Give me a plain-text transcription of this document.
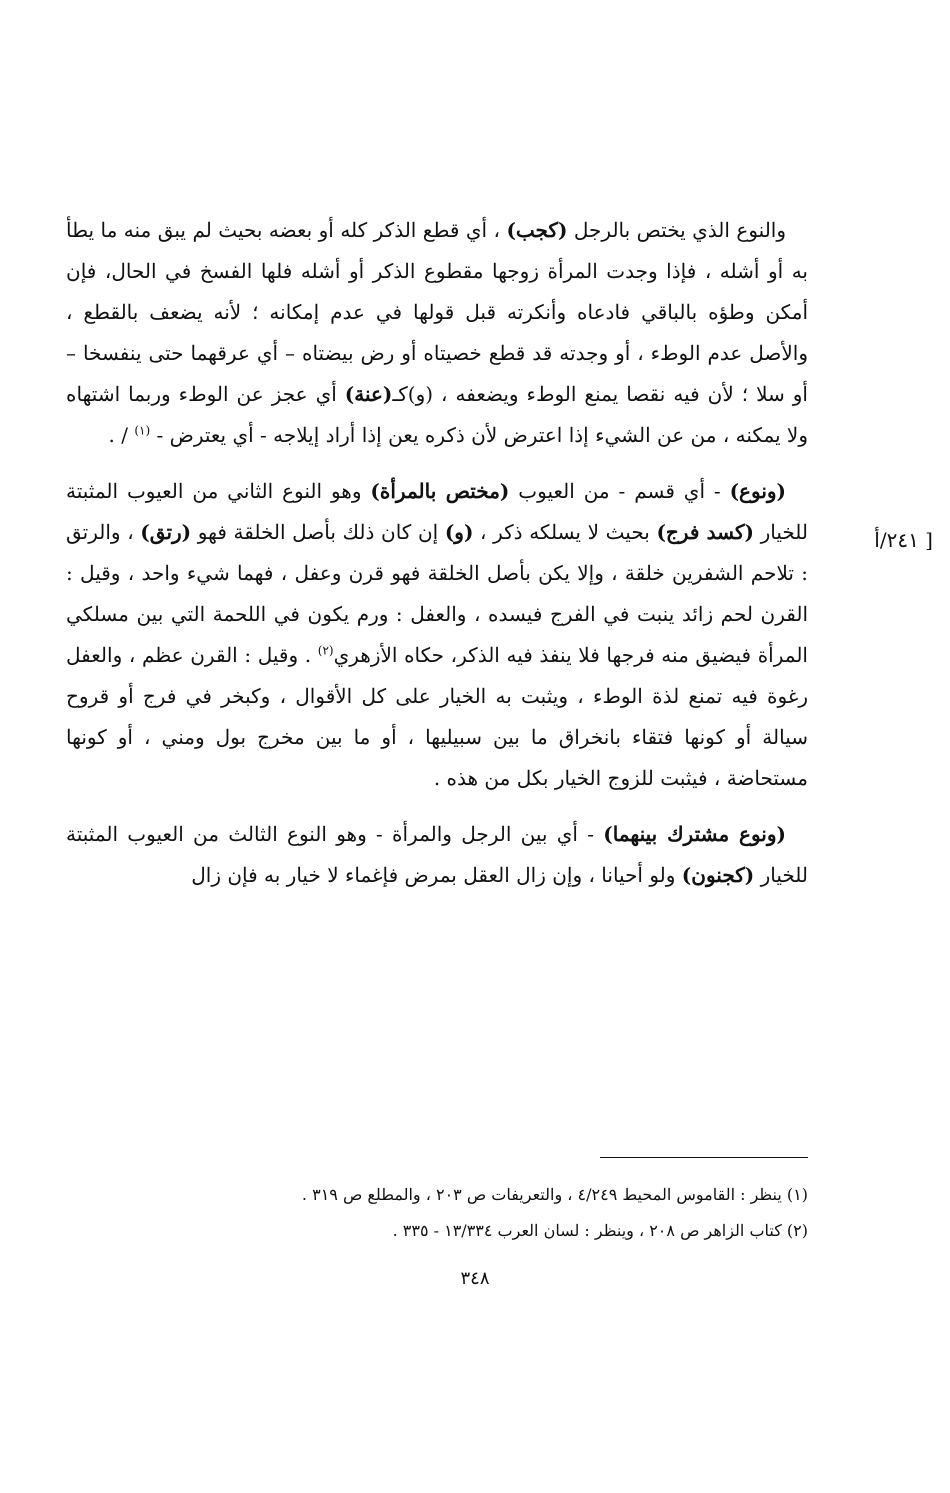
[ ٢٤١/أ

والنوع الذي يختص بالرجل (كجب) ، أي قطع الذكر كله أو بعضه بحيث لم يبق منه ما يطأ به أو أشله ، فإذا وجدت المرأة زوجها مقطوع الذكر أو أشله فلها الفسخ في الحال، فإن أمكن وطؤه بالباقي فادعاه وأنكرته قبل قولها في عدم إمكانه ؛ لأنه يضعف بالقطع ، والأصل عدم الوطء ، أو وجدته قد قطع خصيتاه أو رض بيضتاه – أي عرقهما حتى ينفسخا – أو سلا ؛ لأن فيه نقصا يمنع الوطء ويضعفه ، (و)كـ(عنة) أي عجز عن الوطء وربما اشتهاه ولا يمكنه ، من عن الشيء إذا اعترض لأن ذكره يعن إذا أراد إيلاجه - أي يعترض - $^{(١)}$ / .

(ونوع) - أي قسم - من العيوب (مختص بالمرأة) وهو النوع الثاني من العيوب المثبتة للخيار (كسد فرج) بحيث لا يسلكه ذكر ، (و) إن كان ذلك بأصل الخلقة فهو (رتق) ، والرتق : تلاحم الشفرين خلقة ، وإلا يكن بأصل الخلقة فهو قرن وعفل ، فهما شيء واحد ، وقيل : القرن لحم زائد ينبت في الفرج فيسده ، والعفل : ورم يكون في اللحمة التي بين مسلكي المرأة فيضيق منه فرجها فلا ينفذ فيه الذكر، حكاه الأزهري$^{(٢)}$ . وقيل : القرن عظم ، والعفل رغوة فيه تمنع لذة الوطء ، ويثبت به الخيار على كل الأقوال ، وكبخر في فرج أو قروح سيالة أو كونها فتقاء بانخراق ما بين سبيليها ، أو ما بين مخرج بول ومني ، أو كونها مستحاضة ، فيثبت للزوج الخيار بكل من هذه .

(ونوع مشترك بينهما) - أي بين الرجل والمرأة - وهو النوع الثالث من العيوب المثبتة للخيار (كجنون) ولو أحيانا ، وإن زال العقل بمرض فإغماء لا خيار به فإن زال

(١) ينظر : القاموس المحيط ٤/٢٤٩ ، والتعريفات ص ٢٠٣ ، والمطلع ص ٣١٩ .
(٢) كتاب الزاهر ص ٢٠٨ ، وينظر : لسان العرب ١٣/٣٣٤ - ٣٣٥ .
٣٤٨
